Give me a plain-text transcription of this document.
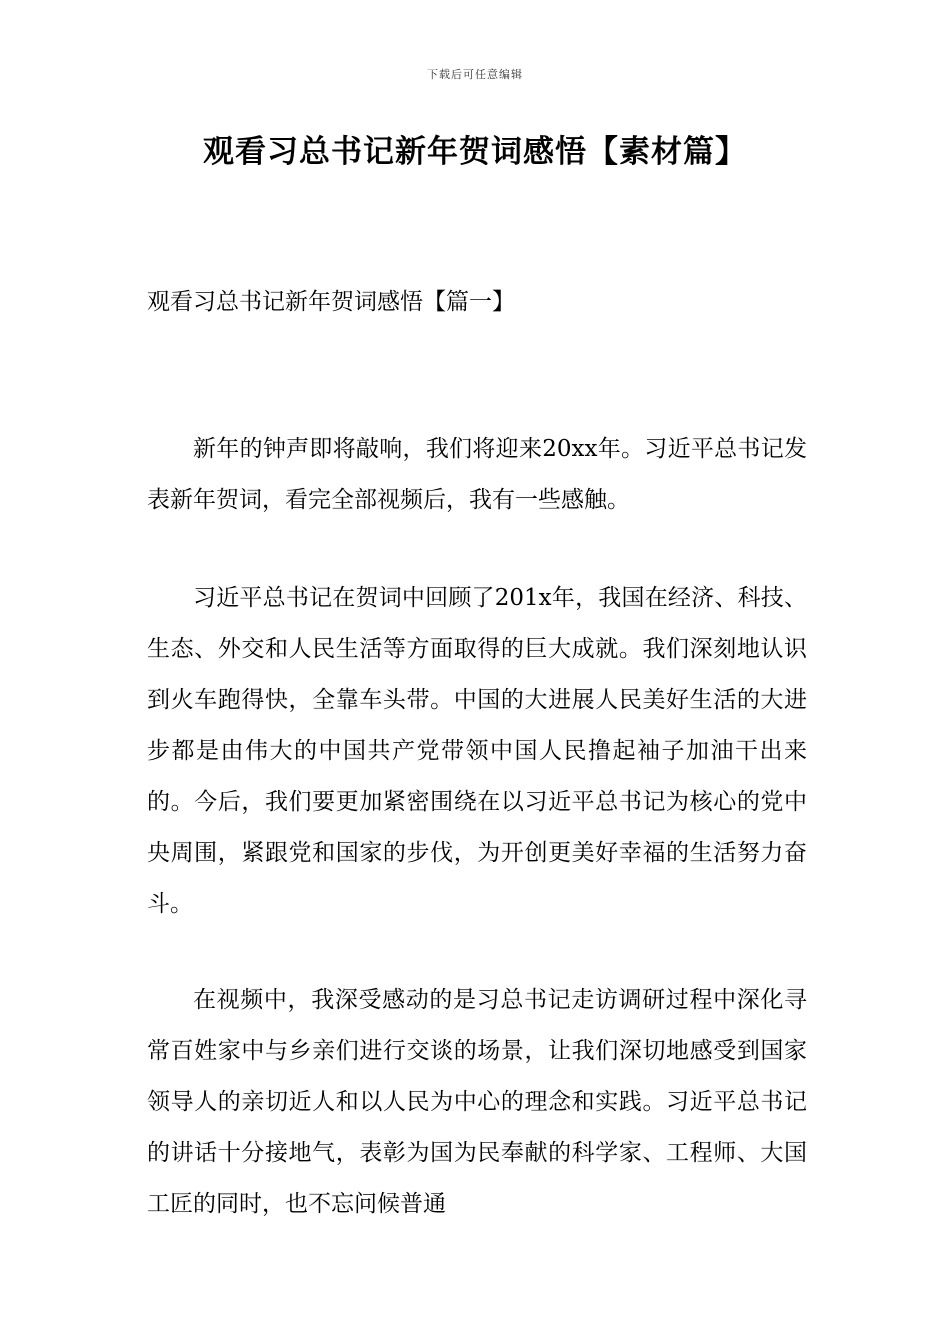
下载后可任意编辑
观看习总书记新年贺词感悟【素材篇】
观看习总书记新年贺词感悟【篇一】

新年的钟声即将敲响，我们将迎来20xx年。习近平总书记发表新年贺词，看完全部视频后，我有一些感触。

习近平总书记在贺词中回顾了201x年，我国在经济、科技、生态、外交和人民生活等方面取得的巨大成就。我们深刻地认识到火车跑得快，全靠车头带。中国的大进展人民美好生活的大进步都是由伟大的中国共产党带领中国人民撸起袖子加油干出来的。今后，我们要更加紧密围绕在以习近平总书记为核心的党中央周围，紧跟党和国家的步伐，为开创更美好幸福的生活努力奋斗。

在视频中，我深受感动的是习总书记走访调研过程中深化寻常百姓家中与乡亲们进行交谈的场景，让我们深切地感受到国家领导人的亲切近人和以人民为中心的理念和实践。习近平总书记的讲话十分接地气，表彰为国为民奉献的科学家、工程师、大国工匠的同时，也不忘问候普通
